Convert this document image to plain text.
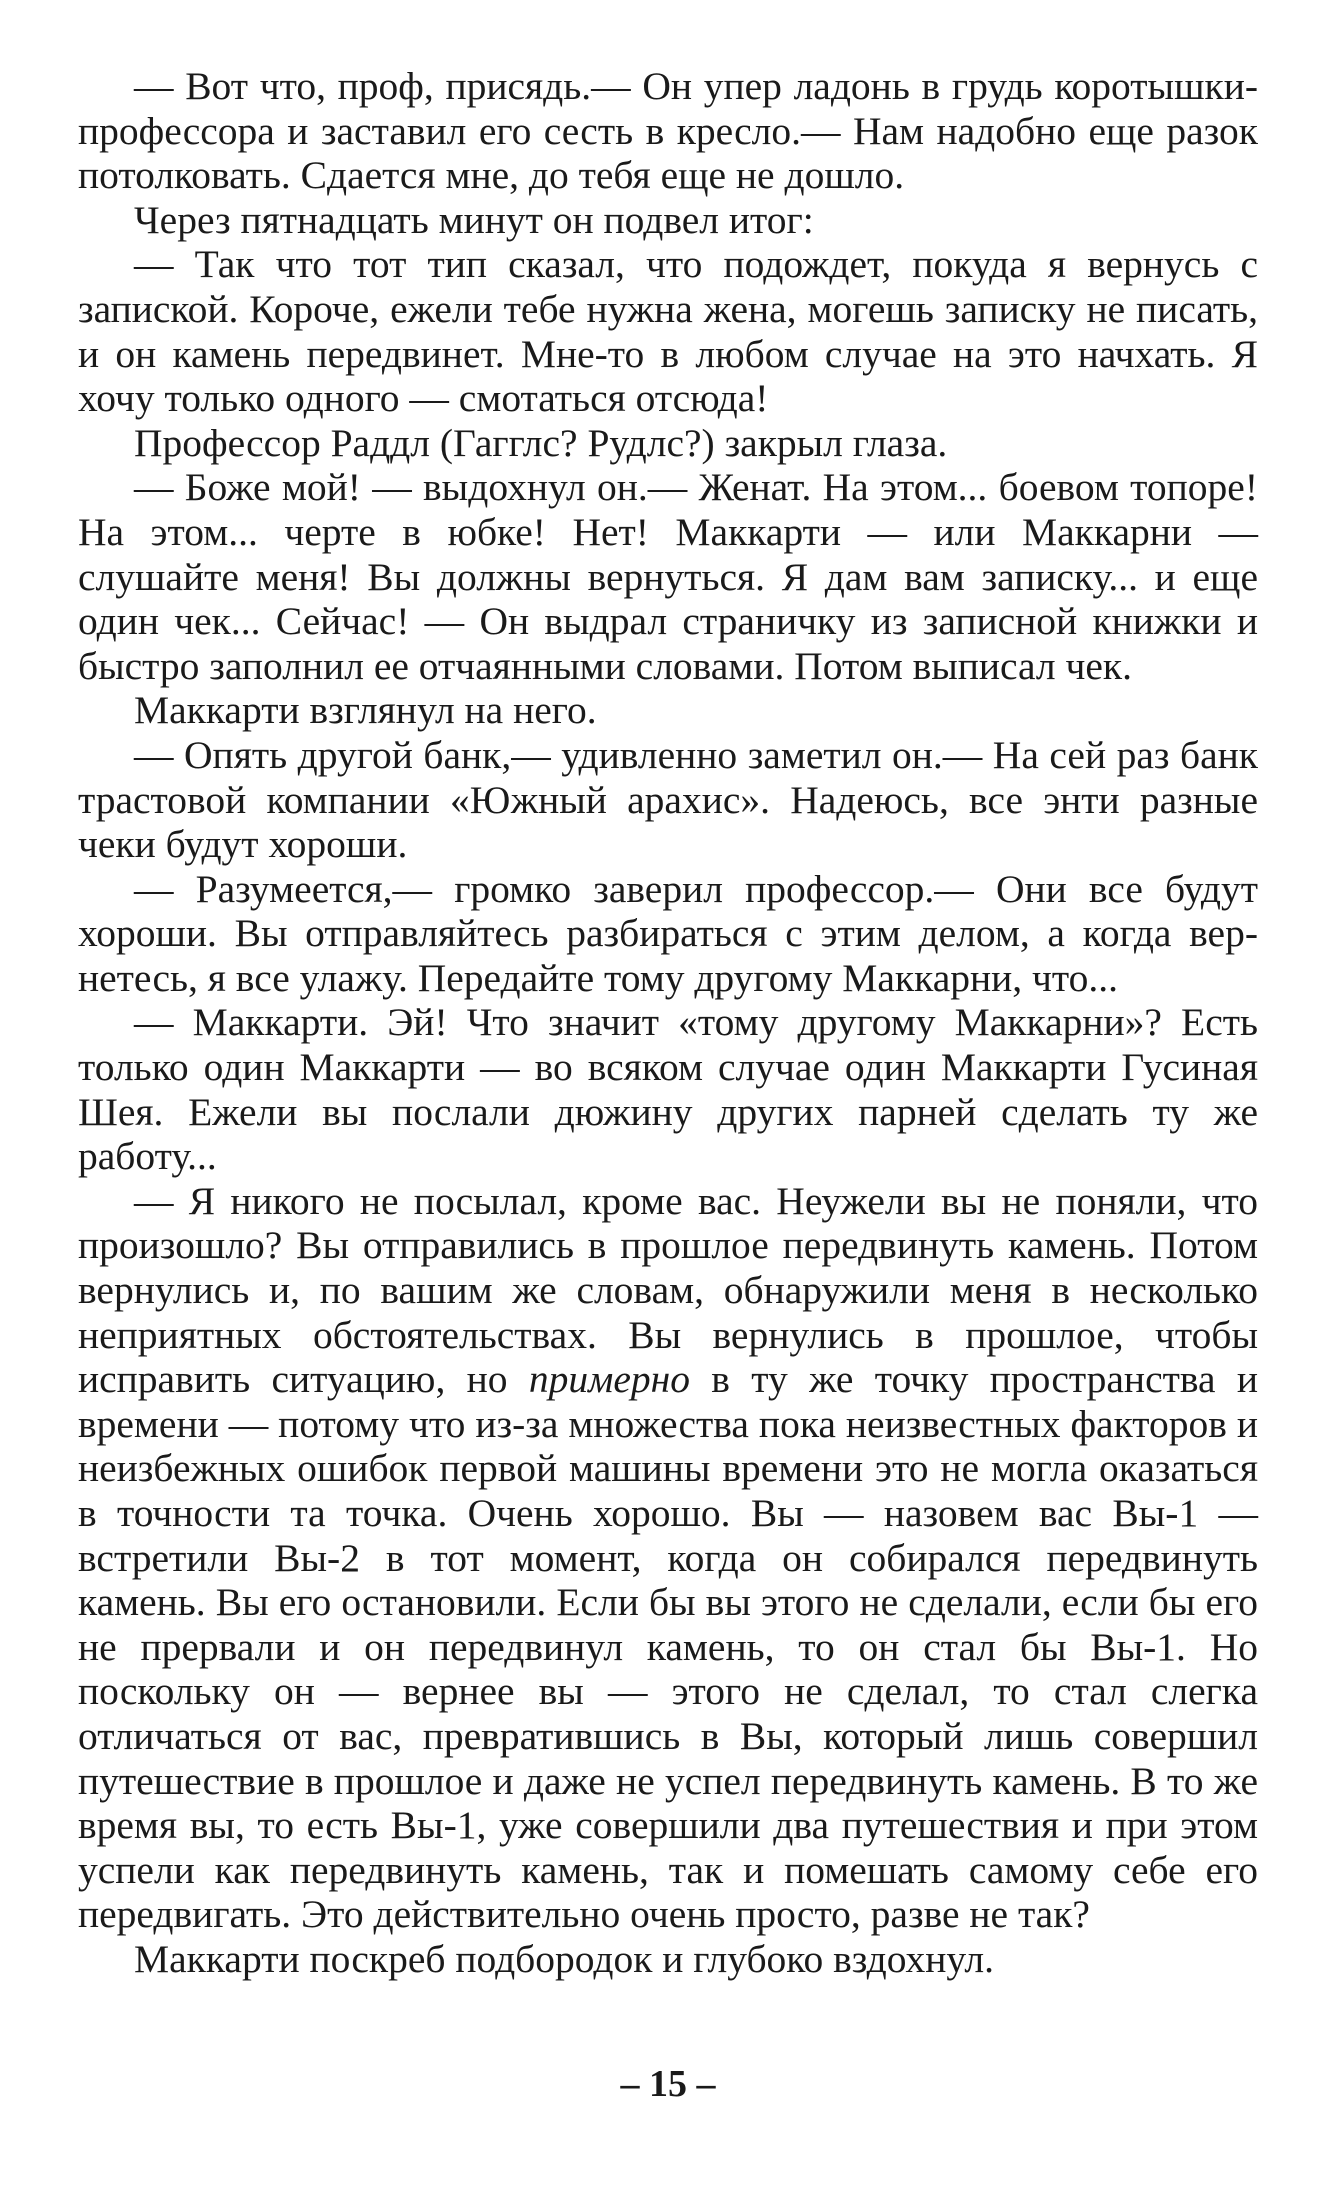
— Вот что, проф, присядь.— Он упер ладонь в грудь коротышки-профессора и заставил его сесть в кресло.— Нам надобно еще разок потолковать. Сдается мне, до тебя еще не дошло.

Через пятнадцать минут он подвел итог:

— Так что тот тип сказал, что подождет, покуда я вернусь с запиской. Короче, ежели тебе нужна жена, могешь записку не писать, и он камень передвинет. Мне-то в любом случае на это начхать. Я хочу только одного — смотаться отсюда!

Профессор Раддл (Гагглс? Рудлс?) закрыл глаза.

— Боже мой! — выдохнул он.— Женат. На этом... боевом топоре! На этом... черте в юбке! Нет! Маккарти — или Маккарни — слушайте меня! Вы должны вернуться. Я дам вам записку... и еще один чек... Сейчас! — Он выдрал страничку из записной книжки и быстро заполнил ее отчаянными словами. Потом выписал чек.

Маккарти взглянул на него.

— Опять другой банк,— удивленно заметил он.— На сей раз банк трастовой компании «Южный арахис». Надеюсь, все энти разные чеки будут хороши.

— Разумеется,— громко заверил профессор.— Они все будут хороши. Вы отправляйтесь разбираться с этим делом, а когда вернетесь, я все улажу. Передайте тому другому Маккарни, что...

— Маккарти. Эй! Что значит «тому другому Маккарни»? Есть только один Маккарти — во всяком случае один Маккарти Гусиная Шея. Ежели вы послали дюжину других парней сделать ту же работу...

— Я никого не посылал, кроме вас. Неужели вы не поняли, что произошло? Вы отправились в прошлое передвинуть камень. Потом вернулись и, по вашим же словам, обнаружили меня в несколько неприятных обстоятельствах. Вы вернулись в прошлое, чтобы исправить ситуацию, но примерно в ту же точку пространства и времени — потому что из-за множества пока неизвестных факторов и неизбежных ошибок первой машины времени это не могла оказаться в точности та точка. Очень хорошо. Вы — назовем вас Вы-1 — встретили Вы-2 в тот момент, когда он собирался передвинуть камень. Вы его остановили. Если бы вы этого не сделали, если бы его не прервали и он передвинул камень, то он стал бы Вы-1. Но поскольку он — вернее вы — этого не сделал, то стал слегка отличаться от вас, превратившись в Вы, который лишь совершил путешествие в прошлое и даже не успел передвинуть камень. В то же время вы, то есть Вы-1, уже совершили два путешествия и при этом успели как передвинуть камень, так и помешать самому себе его передвигать. Это действительно очень просто, разве не так?

Маккарти поскреб подбородок и глубоко вздохнул.

– 15 –
